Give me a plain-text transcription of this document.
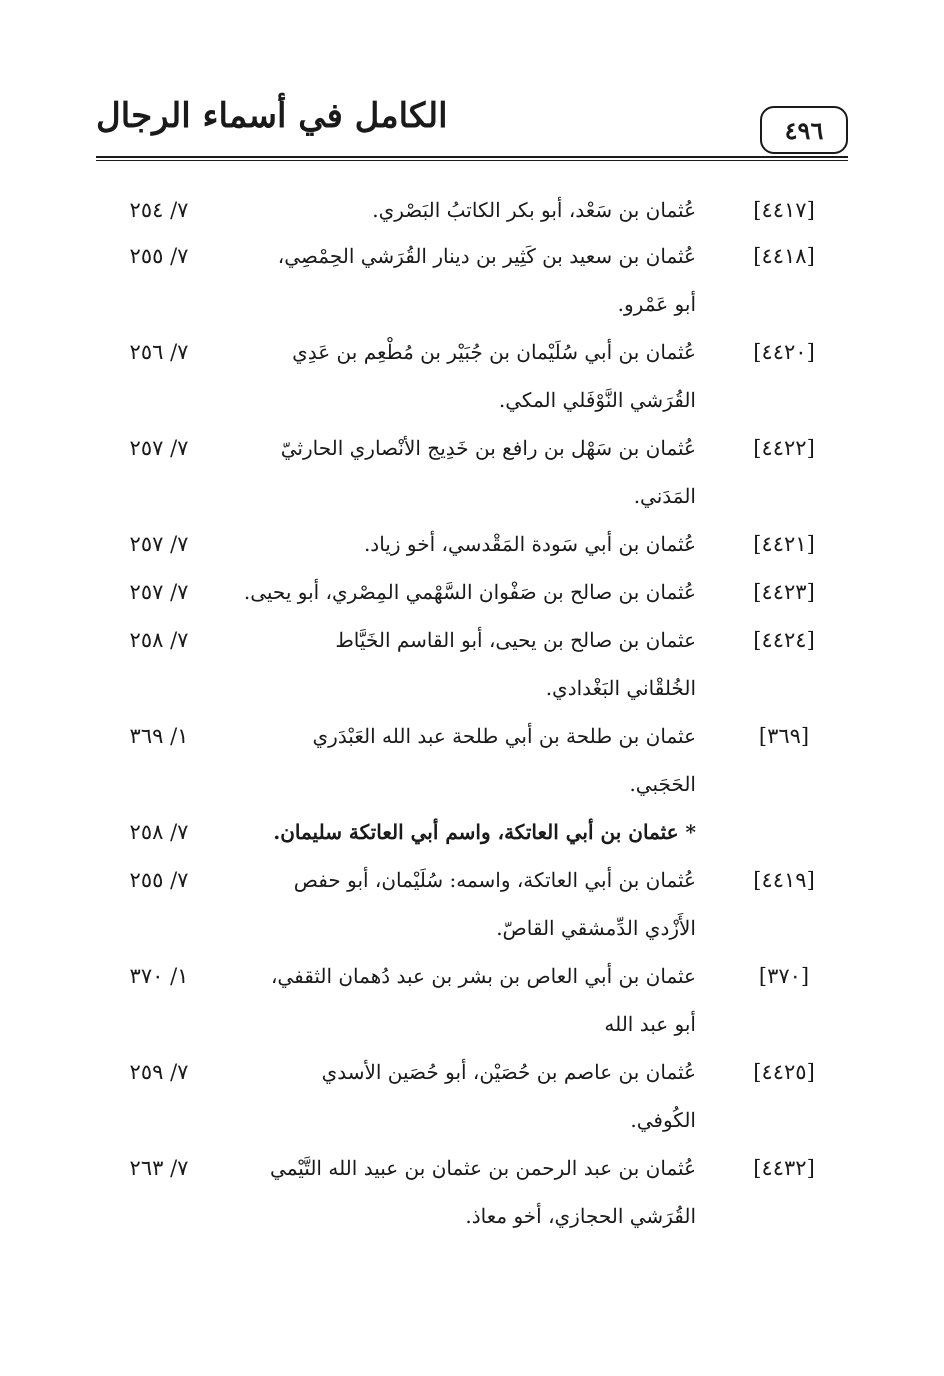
٤٩٦
الكامل في أسماء الرجال
[٤٤١٧]
عُثمان بن سَعْد، أبو بكر الكاتبُ البَصْري.
٧/ ٢٥٤
[٤٤١٨]
عُثمان بن سعيد بن كَثِير بن دينار القُرَشي الحِمْصِي،
أبو عَمْرو.
٧/ ٢٥٥
[٤٤٢٠]
عُثمان بن أبي سُلَيْمان بن جُبَيْر بن مُطْعِم بن عَدِي
القُرَشي النَّوْفَلي المكي.
٧/ ٢٥٦
[٤٤٢٢]
عُثمان بن سَهْل بن رافع بن خَدِيج الأنْصاري الحارثيّ
المَدَني.
٧/ ٢٥٧
[٤٤٢١]
عُثمان بن أبي سَودة المَقْدسي، أخو زياد.
٧/ ٢٥٧
[٤٤٢٣]
عُثمان بن صالح بن صَفْوان السَّهْمي المِصْري، أبو يحيى.
٧/ ٢٥٧
[٤٤٢٤]
عثمان بن صالح بن يحيى، أبو القاسم الخَيَّاط
الخُلقْاني البَغْدادي.
٧/ ٢٥٨
[٣٦٩]
عثمان بن طلحة بن أبي طلحة عبد الله العَبْدَري
الحَجَبي.
١/ ٣٦٩
* عثمان بن أبي العاتكة، واسم أبي العاتكة سليمان.
٧/ ٢٥٨
[٤٤١٩]
عُثمان بن أبي العاتكة، واسمه: سُلَيْمان، أبو حفص
الأَزْدي الدِّمشقي القاصّ.
٧/ ٢٥٥
[٣٧٠]
عثمان بن أبي العاص بن بشر بن عبد دُهمان الثقفي،
أبو عبد الله
١/ ٣٧٠
[٤٤٢٥]
عُثمان بن عاصم بن حُصَيْن، أبو حُصَين الأسدي
الكُوفي.
٧/ ٢٥٩
[٤٤٣٢]
عُثمان بن عبد الرحمن بن عثمان بن عبيد الله التَّيْمي
القُرَشي الحجازي، أخو معاذ.
٧/ ٢٦٣
